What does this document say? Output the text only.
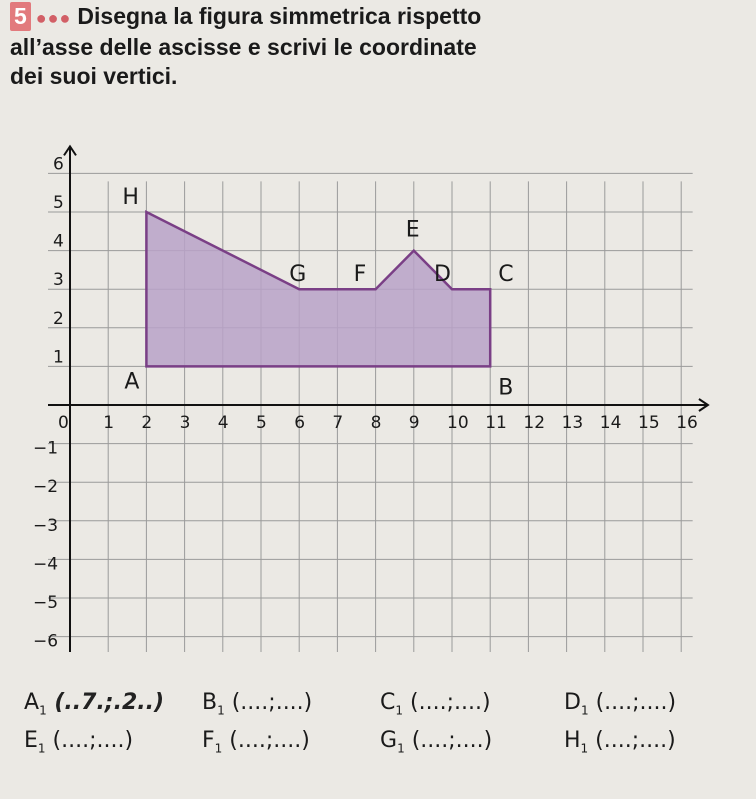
5 ●●● Disegna la figura simmetrica rispetto
all’asse delle ascisse e scrivi le coordinate
dei suoi vertici.
A	B
C
D
E
F
G
H
0 1 2 3 4 5 6 7 8 9 10 11 12 13 14 15 16
6
5
4
3
2
1
−1
−2
−3
−4
−5
−6
$A_1$ (..7.;.2..) $B_1$ (....;....)	$C_1$ (....;....)	$D_1$ (....;....)
$E_1$ (....;....)	$F_1$ (....;....)	$G_1$ (....;....)	$H_1$ (....;....)
